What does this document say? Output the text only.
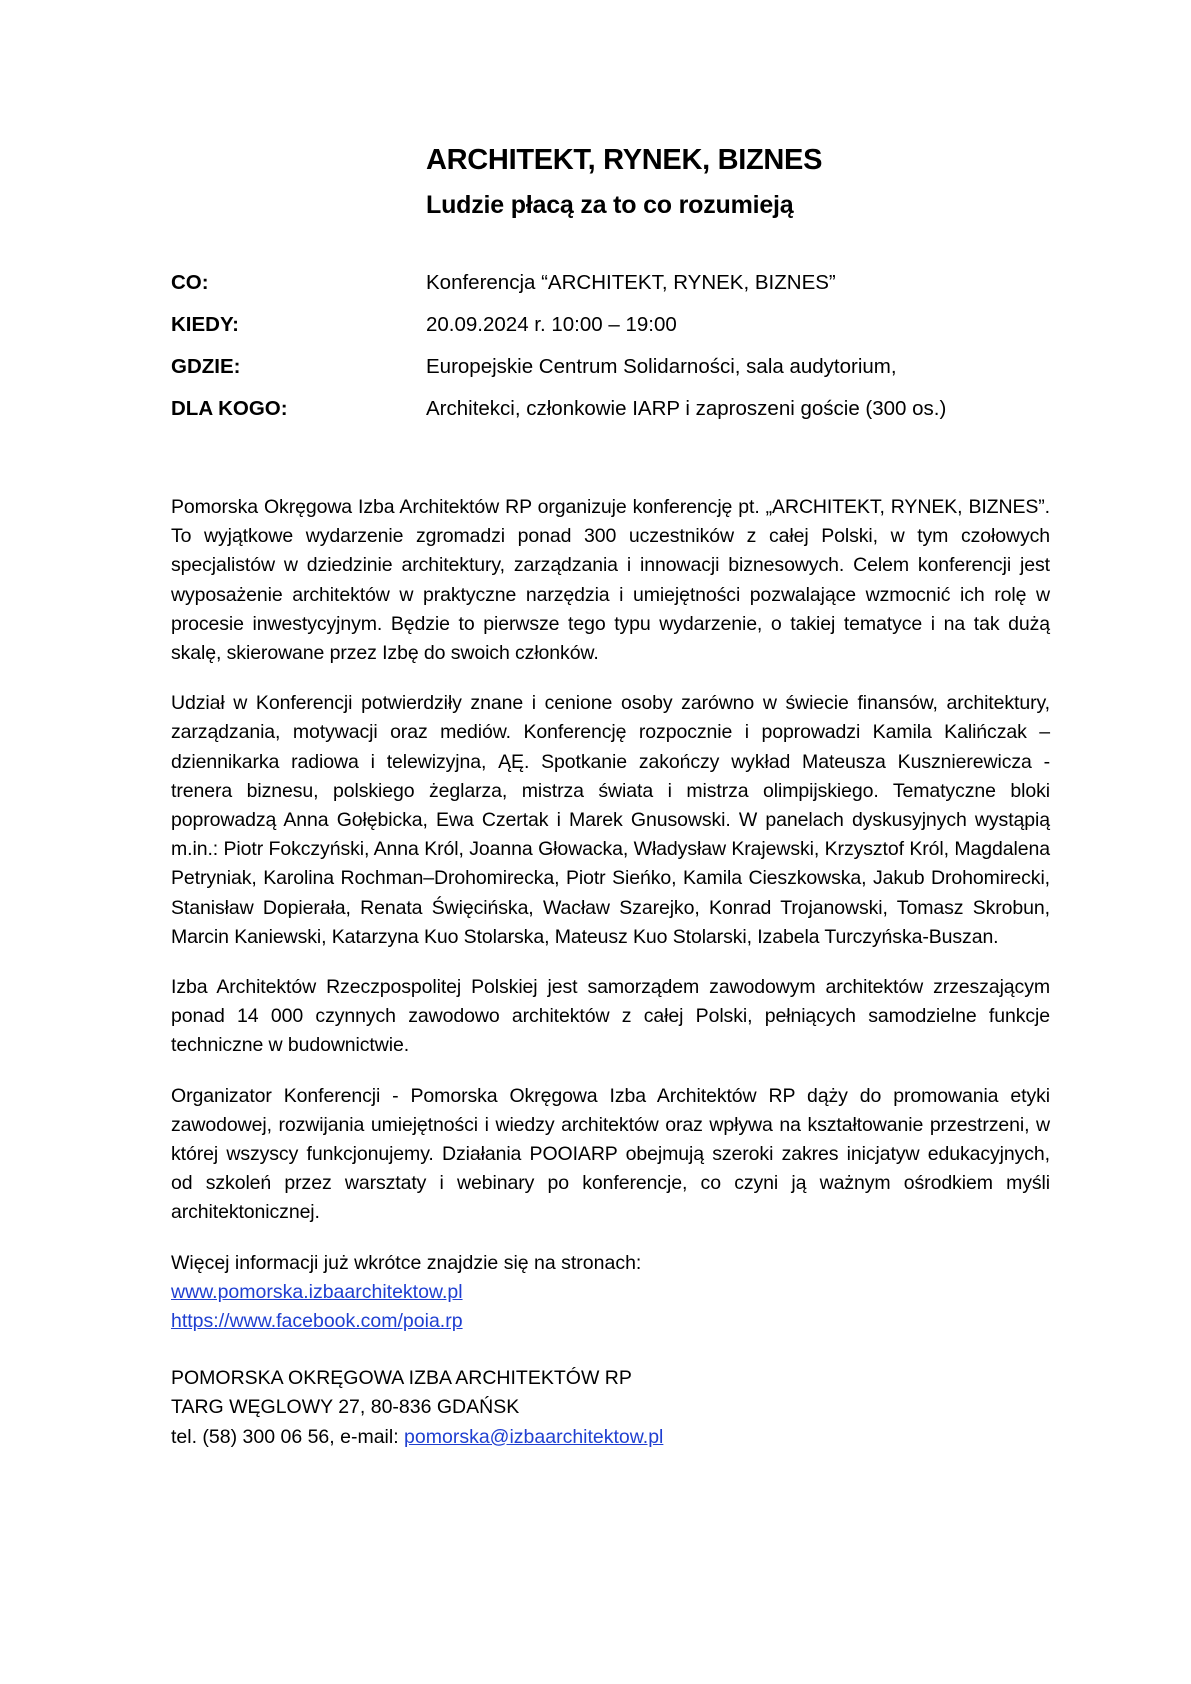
ARCHITEKT, RYNEK, BIZNES
Ludzie płacą za to co rozumieją
CO:	Konferencja “ARCHITEKT, RYNEK, BIZNES”
KIEDY:	20.09.2024 r. 10:00 – 19:00
GDZIE:	Europejskie Centrum Solidarności, sala audytorium,
DLA KOGO:	Architekci, członkowie IARP i zaproszeni goście (300 os.)

Pomorska Okręgowa Izba Architektów RP organizuje konferencję pt. „ARCHITEKT, RYNEK, BIZNES”. To wyjątkowe wydarzenie zgromadzi ponad 300 uczestników z całej Polski, w tym czołowych specjalistów w dziedzinie architektury, zarządzania i innowacji biznesowych. Celem konferencji jest wyposażenie architektów w praktyczne narzędzia i umiejętności pozwalające wzmocnić ich rolę w procesie inwestycyjnym. Będzie to pierwsze tego typu wydarzenie, o takiej tematyce i na tak dużą skalę, skierowane przez Izbę do swoich członków.

Udział w Konferencji potwierdziły znane i cenione osoby zarówno w świecie finansów, architektury, zarządzania, motywacji oraz mediów. Konferencję rozpocznie i poprowadzi Kamila Kalińczak – dziennikarka radiowa i telewizyjna, ĄĘ. Spotkanie zakończy wykład Mateusza Kusznierewicza - trenera biznesu, polskiego żeglarza, mistrza świata i mistrza olimpijskiego. Tematyczne bloki poprowadzą Anna Gołębicka, Ewa Czertak i Marek Gnusowski. W panelach dyskusyjnych wystąpią m.in.: Piotr Fokczyński, Anna Król, Joanna Głowacka, Władysław Krajewski, Krzysztof Król, Magdalena Petryniak, Karolina Rochman–Drohomirecka, Piotr Sieńko, Kamila Cieszkowska, Jakub Drohomirecki, Stanisław Dopierała, Renata Święcińska, Wacław Szarejko, Konrad Trojanowski, Tomasz Skrobun, Marcin Kaniewski, Katarzyna Kuo Stolarska, Mateusz Kuo Stolarski, Izabela Turczyńska-Buszan.

Izba Architektów Rzeczpospolitej Polskiej jest samorządem zawodowym architektów zrzeszającym ponad 14 000 czynnych zawodowo architektów z całej Polski, pełniących samodzielne funkcje techniczne w budownictwie.

Organizator Konferencji - Pomorska Okręgowa Izba Architektów RP dąży do promowania etyki zawodowej, rozwijania umiejętności i wiedzy architektów oraz wpływa na kształtowanie przestrzeni, w której wszyscy funkcjonujemy. Działania POOIARP obejmują szeroki zakres inicjatyw edukacyjnych, od szkoleń przez warsztaty i webinary po konferencje, co czyni ją ważnym ośrodkiem myśli architektonicznej.

Więcej informacji już wkrótce znajdzie się na stronach:

www.pomorska.izbaarchitektow.pl
https://www.facebook.com/poia.rp

POMORSKA OKRĘGOWA IZBA ARCHITEKTÓW RP

TARG WĘGLOWY 27, 80-836 GDAŃSK

tel. (58) 300 06 56, e-mail: pomorska@izbaarchitektow.pl
